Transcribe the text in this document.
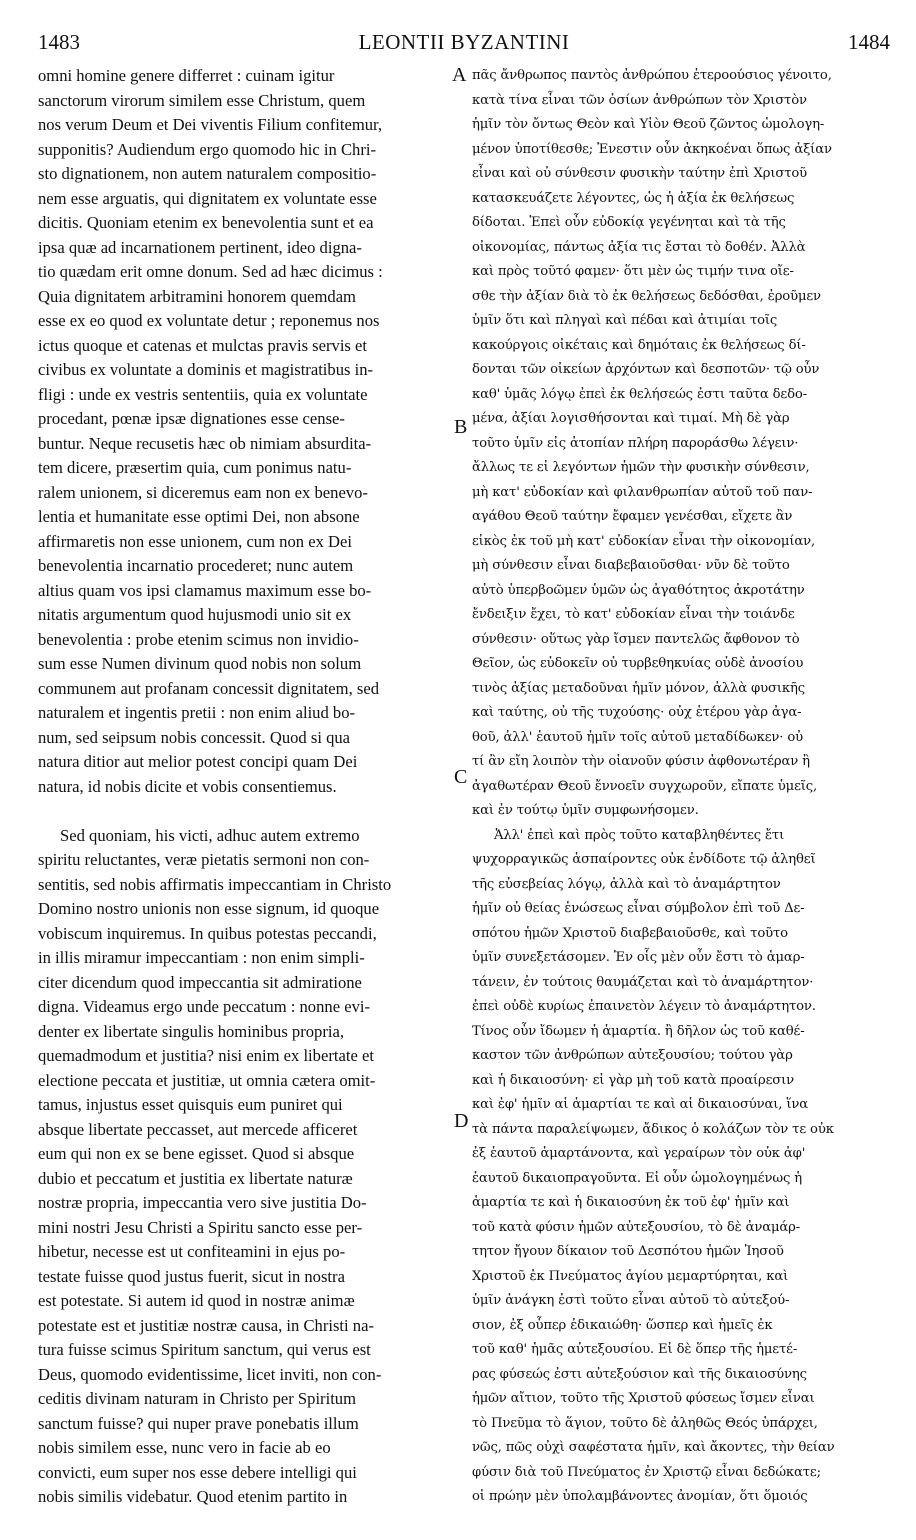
1483	LEONTII BYZANTINI	1484
A
B
C
D
omni homine genere differret : cuinam igitur
sanctorum virorum similem esse Christum, quem
nos verum Deum et Dei viventis Filium confitemur,
supponitis? Audiendum ergo quomodo hic in Chri-
sto dignationem, non autem naturalem compositio-
nem esse arguatis, qui dignitatem ex voluntate esse
dicitis. Quoniam etenim ex benevolentia sunt et ea
ipsa quæ ad incarnationem pertinent, ideo digna-
tio quædam erit omne donum. Sed ad hæc dicimus :
Quia dignitatem arbitramini honorem quemdam
esse ex eo quod ex voluntate detur ; reponemus nos
ictus quoque et catenas et mulctas pravis servis et
civibus ex voluntate a dominis et magistratibus in-
fligi : unde ex vestris sententiis, quia ex voluntate
procedant, pœnæ ipsæ dignationes esse cense-
buntur. Neque recusetis hæc ob nimiam absurdita-
tem dicere, præsertim quia, cum ponimus natu-
ralem unionem, si diceremus eam non ex benevo-
lentia et humanitate esse optimi Dei, non absone
affirmaretis non esse unionem, cum non ex Dei
benevolentia incarnatio procederet; nunc autem
altius quam vos ipsi clamamus maximum esse bo-
nitatis argumentum quod hujusmodi unio sit ex
benevolentia : probe etenim scimus non invidio-
sum esse Numen divinum quod nobis non solum
communem aut profanam concessit dignitatem, sed
naturalem et ingentis pretii : non enim aliud bo-
num, sed seipsum nobis concessit. Quod si qua
natura ditior aut melior potest concipi quam Dei
natura, id nobis dicite et vobis consentiemus.
Sed quoniam, his victi, adhuc autem extremo
spiritu reluctantes, veræ pietatis sermoni non con-
sentitis, sed nobis affirmatis impeccantiam in Christo
Domino nostro unionis non esse signum, id quoque
vobiscum inquiremus. In quibus potestas peccandi,
in illis miramur impeccantiam : non enim simpli-
citer dicendum quod impeccantia sit admiratione
digna. Videamus ergo unde peccatum : nonne evi-
denter ex libertate singulis hominibus propria,
quemadmodum et justitia? nisi enim ex libertate et
electione peccata et justitiæ, ut omnia cætera omit-
tamus, injustus esset quisquis eum puniret qui
absque libertate peccasset, aut mercede afficeret
eum qui non ex se bene egisset. Quod si absque
dubio et peccatum et justitia ex libertate naturæ
nostræ propria, impeccantia vero sive justitia Do-
mini nostri Jesu Christi a Spiritu sancto esse per-
hibetur, necesse est ut confiteamini in ejus po-
testate fuisse quod justus fuerit, sicut in nostra
est potestate. Si autem id quod in nostræ animæ
potestate est et justitiæ nostræ causa, in Christi na-
tura fuisse scimus Spiritum sanctum, qui verus est
Deus, quomodo evidentissime, licet inviti, non con-
ceditis divinam naturam in Christo per Spiritum
sanctum fuisse? qui nuper prave ponebatis illum
nobis similem esse, nunc vero in facie ab eo
convicti, eum super nos esse debere intelligi qui
nobis similis videbatur. Quod etenim partito in
πᾶς ἄνθρωπος παντὸς ἀνθρώπου ἑτεροούσιος γένοιτο,
κατὰ τίνα εἶναι τῶν ὁσίων ἀνθρώπων τὸν Χριστὸν
ἡμῖν τὸν ὄντως Θεὸν καὶ Υἱὸν Θεοῦ ζῶντος ὡμολογη-
μένον ὑποτίθεσθε; Ἐνεστιν οὖν ἀκηκοέναι ὅπως ἀξίαν
εἶναι καὶ οὐ σύνθεσιν φυσικὴν ταύτην ἐπὶ Χριστοῦ
κατασκευάζετε λέγοντες, ὡς ἡ ἀξία ἐκ θελήσεως
δίδοται. Ἐπεὶ οὖν εὐδοκίᾳ γεγένηται καὶ τὰ τῆς
οἰκονομίας, πάντως ἀξία τις ἔσται τὸ δοθέν. Ἀλλὰ
καὶ πρὸς τοῦτό φαμεν· ὅτι μὲν ὡς τιμήν τινα οἴε-
σθε τὴν ἀξίαν διὰ τὸ ἐκ θελήσεως δεδόσθαι, ἐροῦμεν
ὑμῖν ὅτι καὶ πληγαὶ καὶ πέδαι καὶ ἀτιμίαι τοῖς
κακούργοις οἰκέταις καὶ δημόταις ἐκ θελήσεως δί-
δονται τῶν οἰκείων ἀρχόντων καὶ δεσποτῶν· τῷ οὖν
καθ' ὑμᾶς λόγῳ ἐπεὶ ἐκ θελήσεώς ἐστι ταῦτα δεδο-
μένα, ἀξίαι λογισθήσονται καὶ τιμαί. Μὴ δὲ γὰρ
τοῦτο ὑμῖν εἰς ἀτοπίαν πλήρη παροράσθω λέγειν·
ἄλλως τε εἰ λεγόντων ἡμῶν τὴν φυσικὴν σύνθεσιν,
μὴ κατ' εὐδοκίαν καὶ φιλανθρωπίαν αὐτοῦ τοῦ παν-
αγάθου Θεοῦ ταύτην ἔφαμεν γενέσθαι, εἴχετε ἂν
εἰκὸς ἐκ τοῦ μὴ κατ' εὐδοκίαν εἶναι τὴν οἰκονομίαν,
μὴ σύνθεσιν εἶναι διαβεβαιοῦσθαι· νῦν δὲ τοῦτο
αὐτὸ ὑπερβοῶμεν ὑμῶν ὡς ἀγαθότητος ἀκροτάτην
ἔνδειξιν ἔχει, τὸ κατ' εὐδοκίαν εἶναι τὴν τοιάνδε
σύνθεσιν· οὕτως γὰρ ἴσμεν παντελῶς ἄφθονον τὸ
Θεῖον, ὡς εὐδοκεῖν οὐ τυρβεθηκυίας οὐδὲ ἀνοσίου
τινὸς ἀξίας μεταδοῦναι ἡμῖν μόνον, ἀλλὰ φυσικῆς
καὶ ταύτης, οὐ τῆς τυχούσης· οὐχ ἑτέρου γὰρ ἀγα-
θοῦ, ἀλλ' ἑαυτοῦ ἡμῖν τοῖς αὐτοῦ μεταδίδωκεν· οὐ
τί ἂν εἴη λοιπὸν τὴν οἱανοῦν φύσιν ἀφθονωτέραν ἢ
ἀγαθωτέραν Θεοῦ ἔννοεῖν συγχωροῦν, εἴπατε ὑμεῖς,
καὶ ἐν τούτῳ ὑμῖν συμφωνήσομεν.
Ἀλλ' ἐπεὶ καὶ πρὸς τοῦτο καταβληθέντες ἔτι
ψυχορραγικῶς ἀσπαίροντες οὐκ ἐνδίδοτε τῷ ἀληθεῖ
τῆς εὐσεβείας λόγῳ, ἀλλὰ καὶ τὸ ἀναμάρτητον
ἡμῖν οὐ θείας ἑνώσεως εἶναι σύμβολον ἐπὶ τοῦ Δε-
σπότου ἡμῶν Χριστοῦ διαβεβαιοῦσθε, καὶ τοῦτο
ὑμῖν συνεξετάσομεν. Ἐν οἷς μὲν οὖν ἔστι τὸ ἁμαρ-
τάνειν, ἐν τούτοις θαυμάζεται καὶ τὸ ἀναμάρτητον·
ἐπεὶ οὐδὲ κυρίως ἐπαινετὸν λέγειν τὸ ἀναμάρτητον.
Τίνος οὖν ἴδωμεν ἡ ἁμαρτία. ἢ δῆλον ὡς τοῦ καθέ-
καστον τῶν ἀνθρώπων αὐτεξουσίου; τούτου γὰρ
καὶ ἡ δικαιοσύνη· εἰ γὰρ μὴ τοῦ κατὰ προαίρεσιν
καὶ ἐφ' ἡμῖν αἱ ἁμαρτίαι τε καὶ αἱ δικαιοσύναι, ἵνα
τὰ πάντα παραλείψωμεν, ἄδικος ὁ κολάζων τὸν τε οὐκ
ἐξ ἑαυτοῦ ἁμαρτάνοντα, καὶ γεραίρων τὸν οὐκ ἀφ'
ἑαυτοῦ δικαιοπραγοῦντα. Εἰ οὖν ὡμολογημένως ἡ
ἁμαρτία τε καὶ ἡ δικαιοσύνη ἐκ τοῦ ἐφ' ἡμῖν καὶ
τοῦ κατὰ φύσιν ἡμῶν αὐτεξουσίου, τὸ δὲ ἀναμάρ-
τητον ἤγουν δίκαιον τοῦ Δεσπότου ἡμῶν Ἰησοῦ
Χριστοῦ ἐκ Πνεύματος ἁγίου μεμαρτύρηται, καὶ
ὑμῖν ἀνάγκη ἐστὶ τοῦτο εἶναι αὐτοῦ τὸ αὐτεξού-
σιον, ἐξ οὗπερ ἐδικαιώθη· ὥσπερ καὶ ἡμεῖς ἐκ
τοῦ καθ' ἡμᾶς αὐτεξουσίου. Εἰ δὲ ὅπερ τῆς ἡμετέ-
ρας φύσεώς ἐστι αὐτεξούσιον καὶ τῆς δικαιοσύνης
ἡμῶν αἴτιον, τοῦτο τῆς Χριστοῦ φύσεως ἴσμεν εἶναι
τὸ Πνεῦμα τὸ ἅγιον, τοῦτο δὲ ἀληθῶς Θεός ὑπάρχει,
νῶς, πῶς οὐχὶ σαφέστατα ἡμῖν, καὶ ἄκοντες, τὴν θείαν
φύσιν διὰ τοῦ Πνεύματος ἐν Χριστῷ εἶναι δεδώκατε;
οἱ πρώην μὲν ὑπολαμβάνοντες ἀνομίαν, ὅτι ὅμοιός
